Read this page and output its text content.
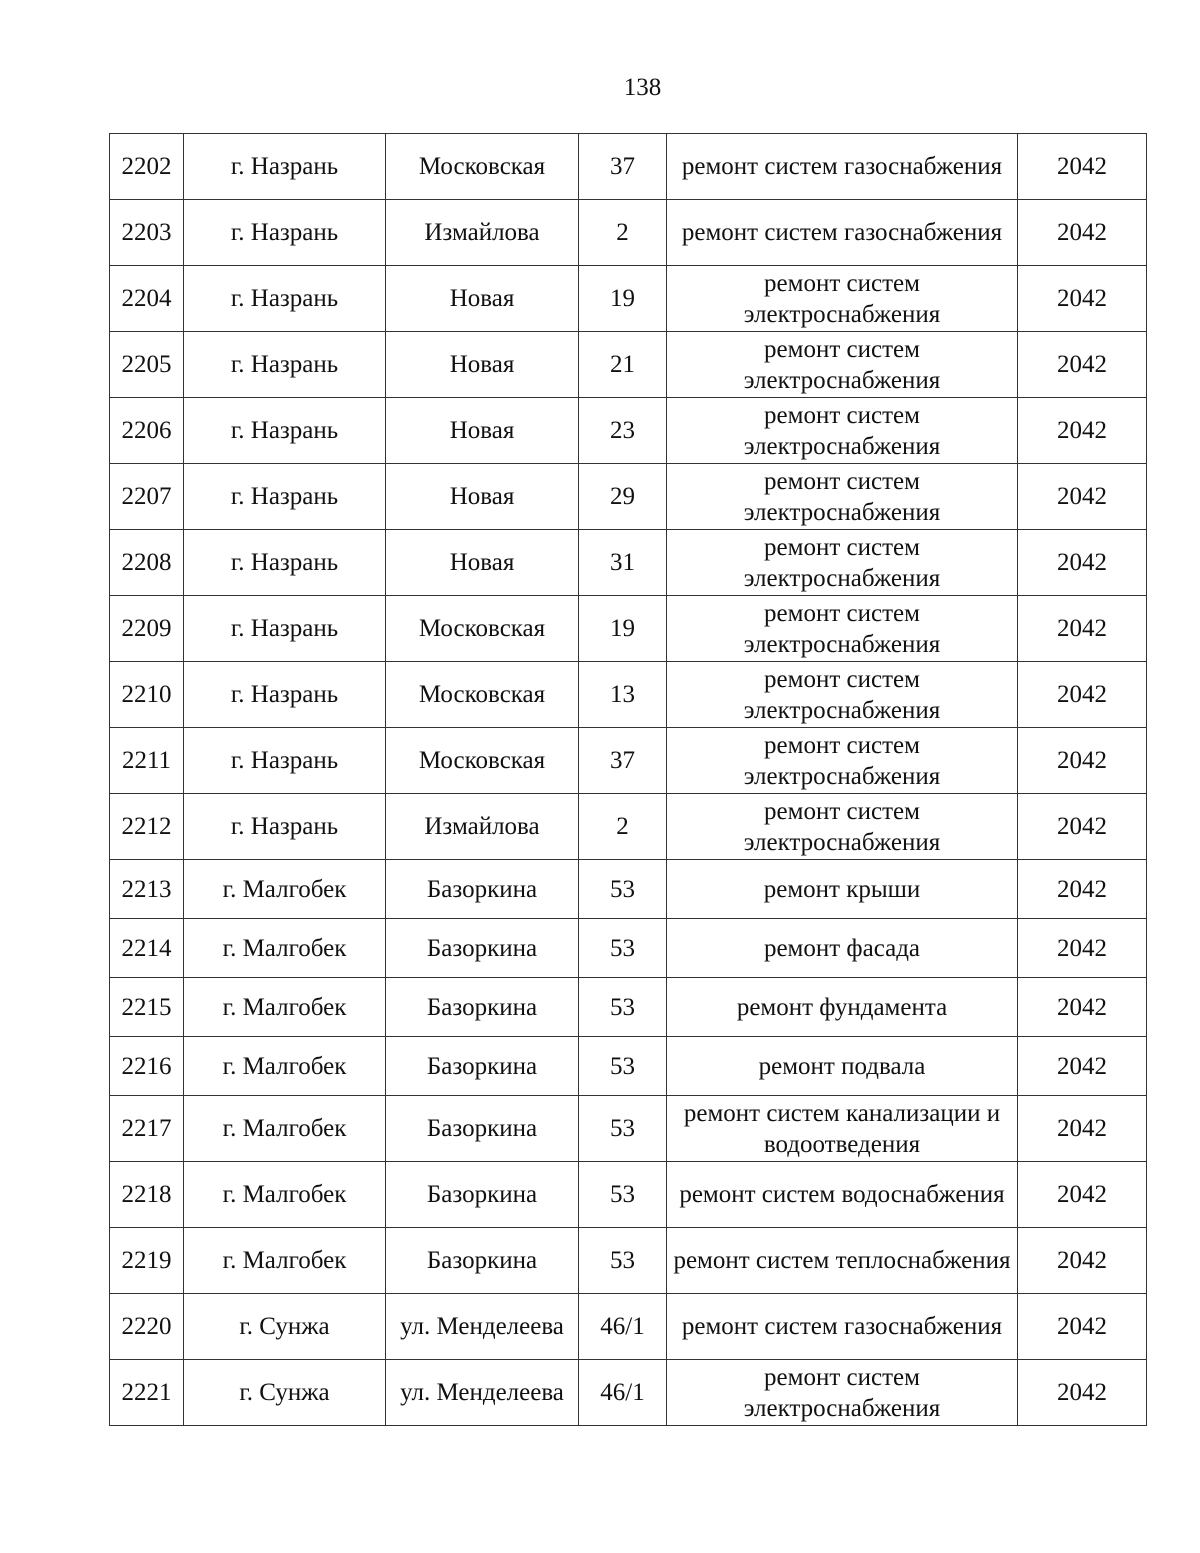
138
2202	г. Назрань	Московская	37	ремонт систем газоснабжения	2042
2203	г. Назрань	Измайлова	2	ремонт систем газоснабжения	2042
2204	г. Назрань	Новая	19	ремонт систем электроснабжения	2042
2205	г. Назрань	Новая	21	ремонт систем электроснабжения	2042
2206	г. Назрань	Новая	23	ремонт систем электроснабжения	2042
2207	г. Назрань	Новая	29	ремонт систем электроснабжения	2042
2208	г. Назрань	Новая	31	ремонт систем электроснабжения	2042
2209	г. Назрань	Московская	19	ремонт систем электроснабжения	2042
2210	г. Назрань	Московская	13	ремонт систем электроснабжения	2042
2211	г. Назрань	Московская	37	ремонт систем электроснабжения	2042
2212	г. Назрань	Измайлова	2	ремонт систем электроснабжения	2042
2213	г. Малгобек	Базоркина	53	ремонт крыши	2042
2214	г. Малгобек	Базоркина	53	ремонт фасада	2042
2215	г. Малгобек	Базоркина	53	ремонт фундамента	2042
2216	г. Малгобек	Базоркина	53	ремонт подвала	2042
2217	г. Малгобек	Базоркина	53	ремонт систем канализации и водоотведения	2042
2218	г. Малгобек	Базоркина	53	ремонт систем водоснабжения	2042
2219	г. Малгобек	Базоркина	53	ремонт систем теплоснабжения	2042
2220	г. Сунжа	ул. Менделеева	46/1	ремонт систем газоснабжения	2042
2221	г. Сунжа	ул. Менделеева	46/1	ремонт систем электроснабжения	2042
